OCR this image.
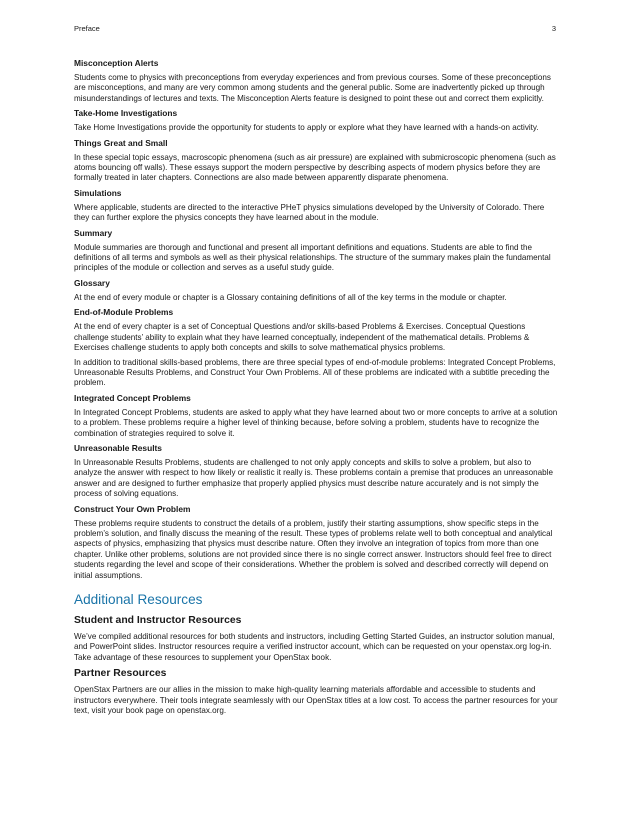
Preface	3
Misconception Alerts

Students come to physics with preconceptions from everyday experiences and from previous courses. Some of these preconceptions are misconceptions, and many are very common among students and the general public. Some are inadvertently picked up through misunderstandings of lectures and texts. The Misconception Alerts feature is designed to point these out and correct them explicitly.

Take-Home Investigations

Take Home Investigations provide the opportunity for students to apply or explore what they have learned with a hands-on activity.

Things Great and Small

In these special topic essays, macroscopic phenomena (such as air pressure) are explained with submicroscopic phenomena (such as atoms bouncing off walls). These essays support the modern perspective by describing aspects of modern physics before they are formally treated in later chapters. Connections are also made between apparently disparate phenomena.

Simulations

Where applicable, students are directed to the interactive PHeT physics simulations developed by the University of Colorado. There they can further explore the physics concepts they have learned about in the module.

Summary

Module summaries are thorough and functional and present all important definitions and equations. Students are able to find the definitions of all terms and symbols as well as their physical relationships. The structure of the summary makes plain the fundamental principles of the module or collection and serves as a useful study guide.

Glossary

At the end of every module or chapter is a Glossary containing definitions of all of the key terms in the module or chapter.

End-of-Module Problems

At the end of every chapter is a set of Conceptual Questions and/or skills-based Problems & Exercises. Conceptual Questions challenge students’ ability to explain what they have learned conceptually, independent of the mathematical details. Problems & Exercises challenge students to apply both concepts and skills to solve mathematical physics problems.

In addition to traditional skills-based problems, there are three special types of end-of-module problems: Integrated Concept Problems, Unreasonable Results Problems, and Construct Your Own Problems. All of these problems are indicated with a subtitle preceding the problem.

Integrated Concept Problems

In Integrated Concept Problems, students are asked to apply what they have learned about two or more concepts to arrive at a solution to a problem. These problems require a higher level of thinking because, before solving a problem, students have to recognize the combination of strategies required to solve it.

Unreasonable Results

In Unreasonable Results Problems, students are challenged to not only apply concepts and skills to solve a problem, but also to analyze the answer with respect to how likely or realistic it really is. These problems contain a premise that produces an unreasonable answer and are designed to further emphasize that properly applied physics must describe nature accurately and is not simply the process of solving equations.

Construct Your Own Problem

These problems require students to construct the details of a problem, justify their starting assumptions, show specific steps in the problem’s solution, and finally discuss the meaning of the result. These types of problems relate well to both conceptual and analytical aspects of physics, emphasizing that physics must describe nature. Often they involve an integration of topics from more than one chapter. Unlike other problems, solutions are not provided since there is no single correct answer. Instructors should feel free to direct students regarding the level and scope of their considerations. Whether the problem is solved and described correctly will depend on initial assumptions.

Additional Resources
Student and Instructor Resources

We’ve compiled additional resources for both students and instructors, including Getting Started Guides, an instructor solution manual, and PowerPoint slides. Instructor resources require a verified instructor account, which can be requested on your openstax.org log-in. Take advantage of these resources to supplement your OpenStax book.

Partner Resources

OpenStax Partners are our allies in the mission to make high-quality learning materials affordable and accessible to students and instructors everywhere. Their tools integrate seamlessly with our OpenStax titles at a low cost. To access the partner resources for your text, visit your book page on openstax.org.
